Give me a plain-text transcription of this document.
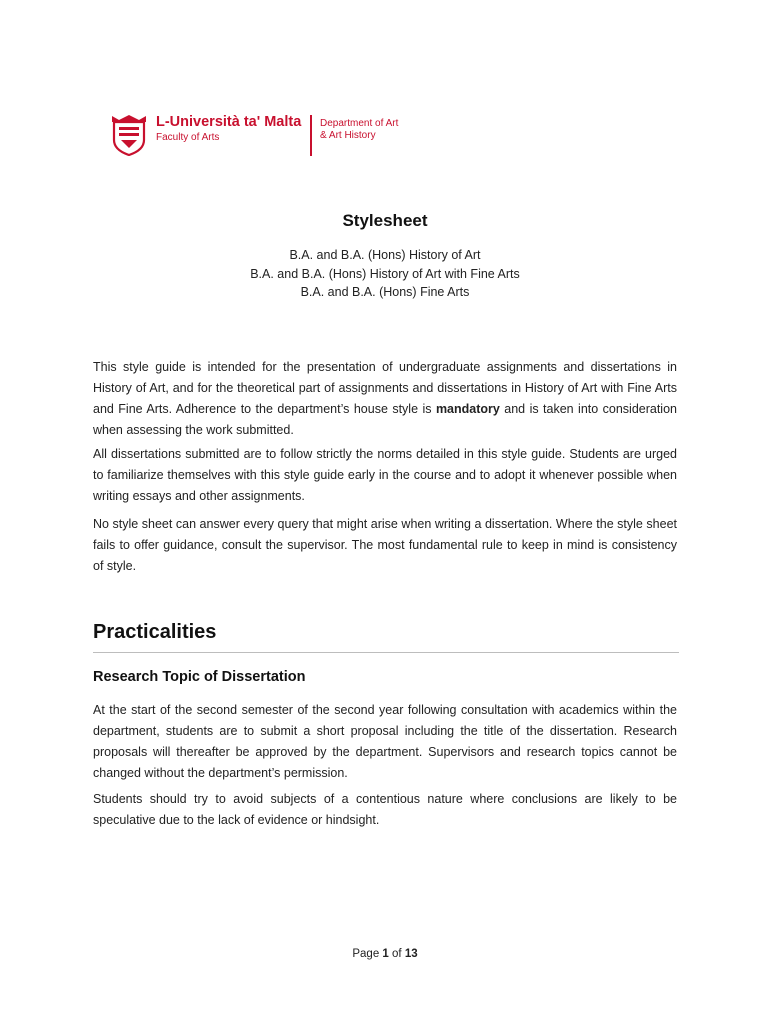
L-Università ta' Malta
Faculty of Arts
Department of Art
& Art History
Stylesheet
B.A. and B.A. (Hons) History of Art
B.A. and B.A. (Hons) History of Art with Fine Arts
B.A. and B.A. (Hons) Fine Arts

This style guide is intended for the presentation of undergraduate assignments and dissertations in History of Art, and for the theoretical part of assignments and dissertations in History of Art with Fine Arts and Fine Arts. Adherence to the department’s house style is mandatory and is taken into consideration when assessing the work submitted.

All dissertations submitted are to follow strictly the norms detailed in this style guide. Students are urged to familiarize themselves with this style guide early in the course and to adopt it whenever possible when writing essays and other assignments.

No style sheet can answer every query that might arise when writing a dissertation. Where the style sheet fails to offer guidance, consult the supervisor. The most fundamental rule to keep in mind is consistency of style.

Practicalities
Research Topic of Dissertation

At the start of the second semester of the second year following consultation with academics within the department, students are to submit a short proposal including the title of the dissertation. Research proposals will thereafter be approved by the department. Supervisors and research topics cannot be changed without the department’s permission.

Students should try to avoid subjects of a contentious nature where conclusions are likely to be speculative due to the lack of evidence or hindsight.

Page 1 of 13
